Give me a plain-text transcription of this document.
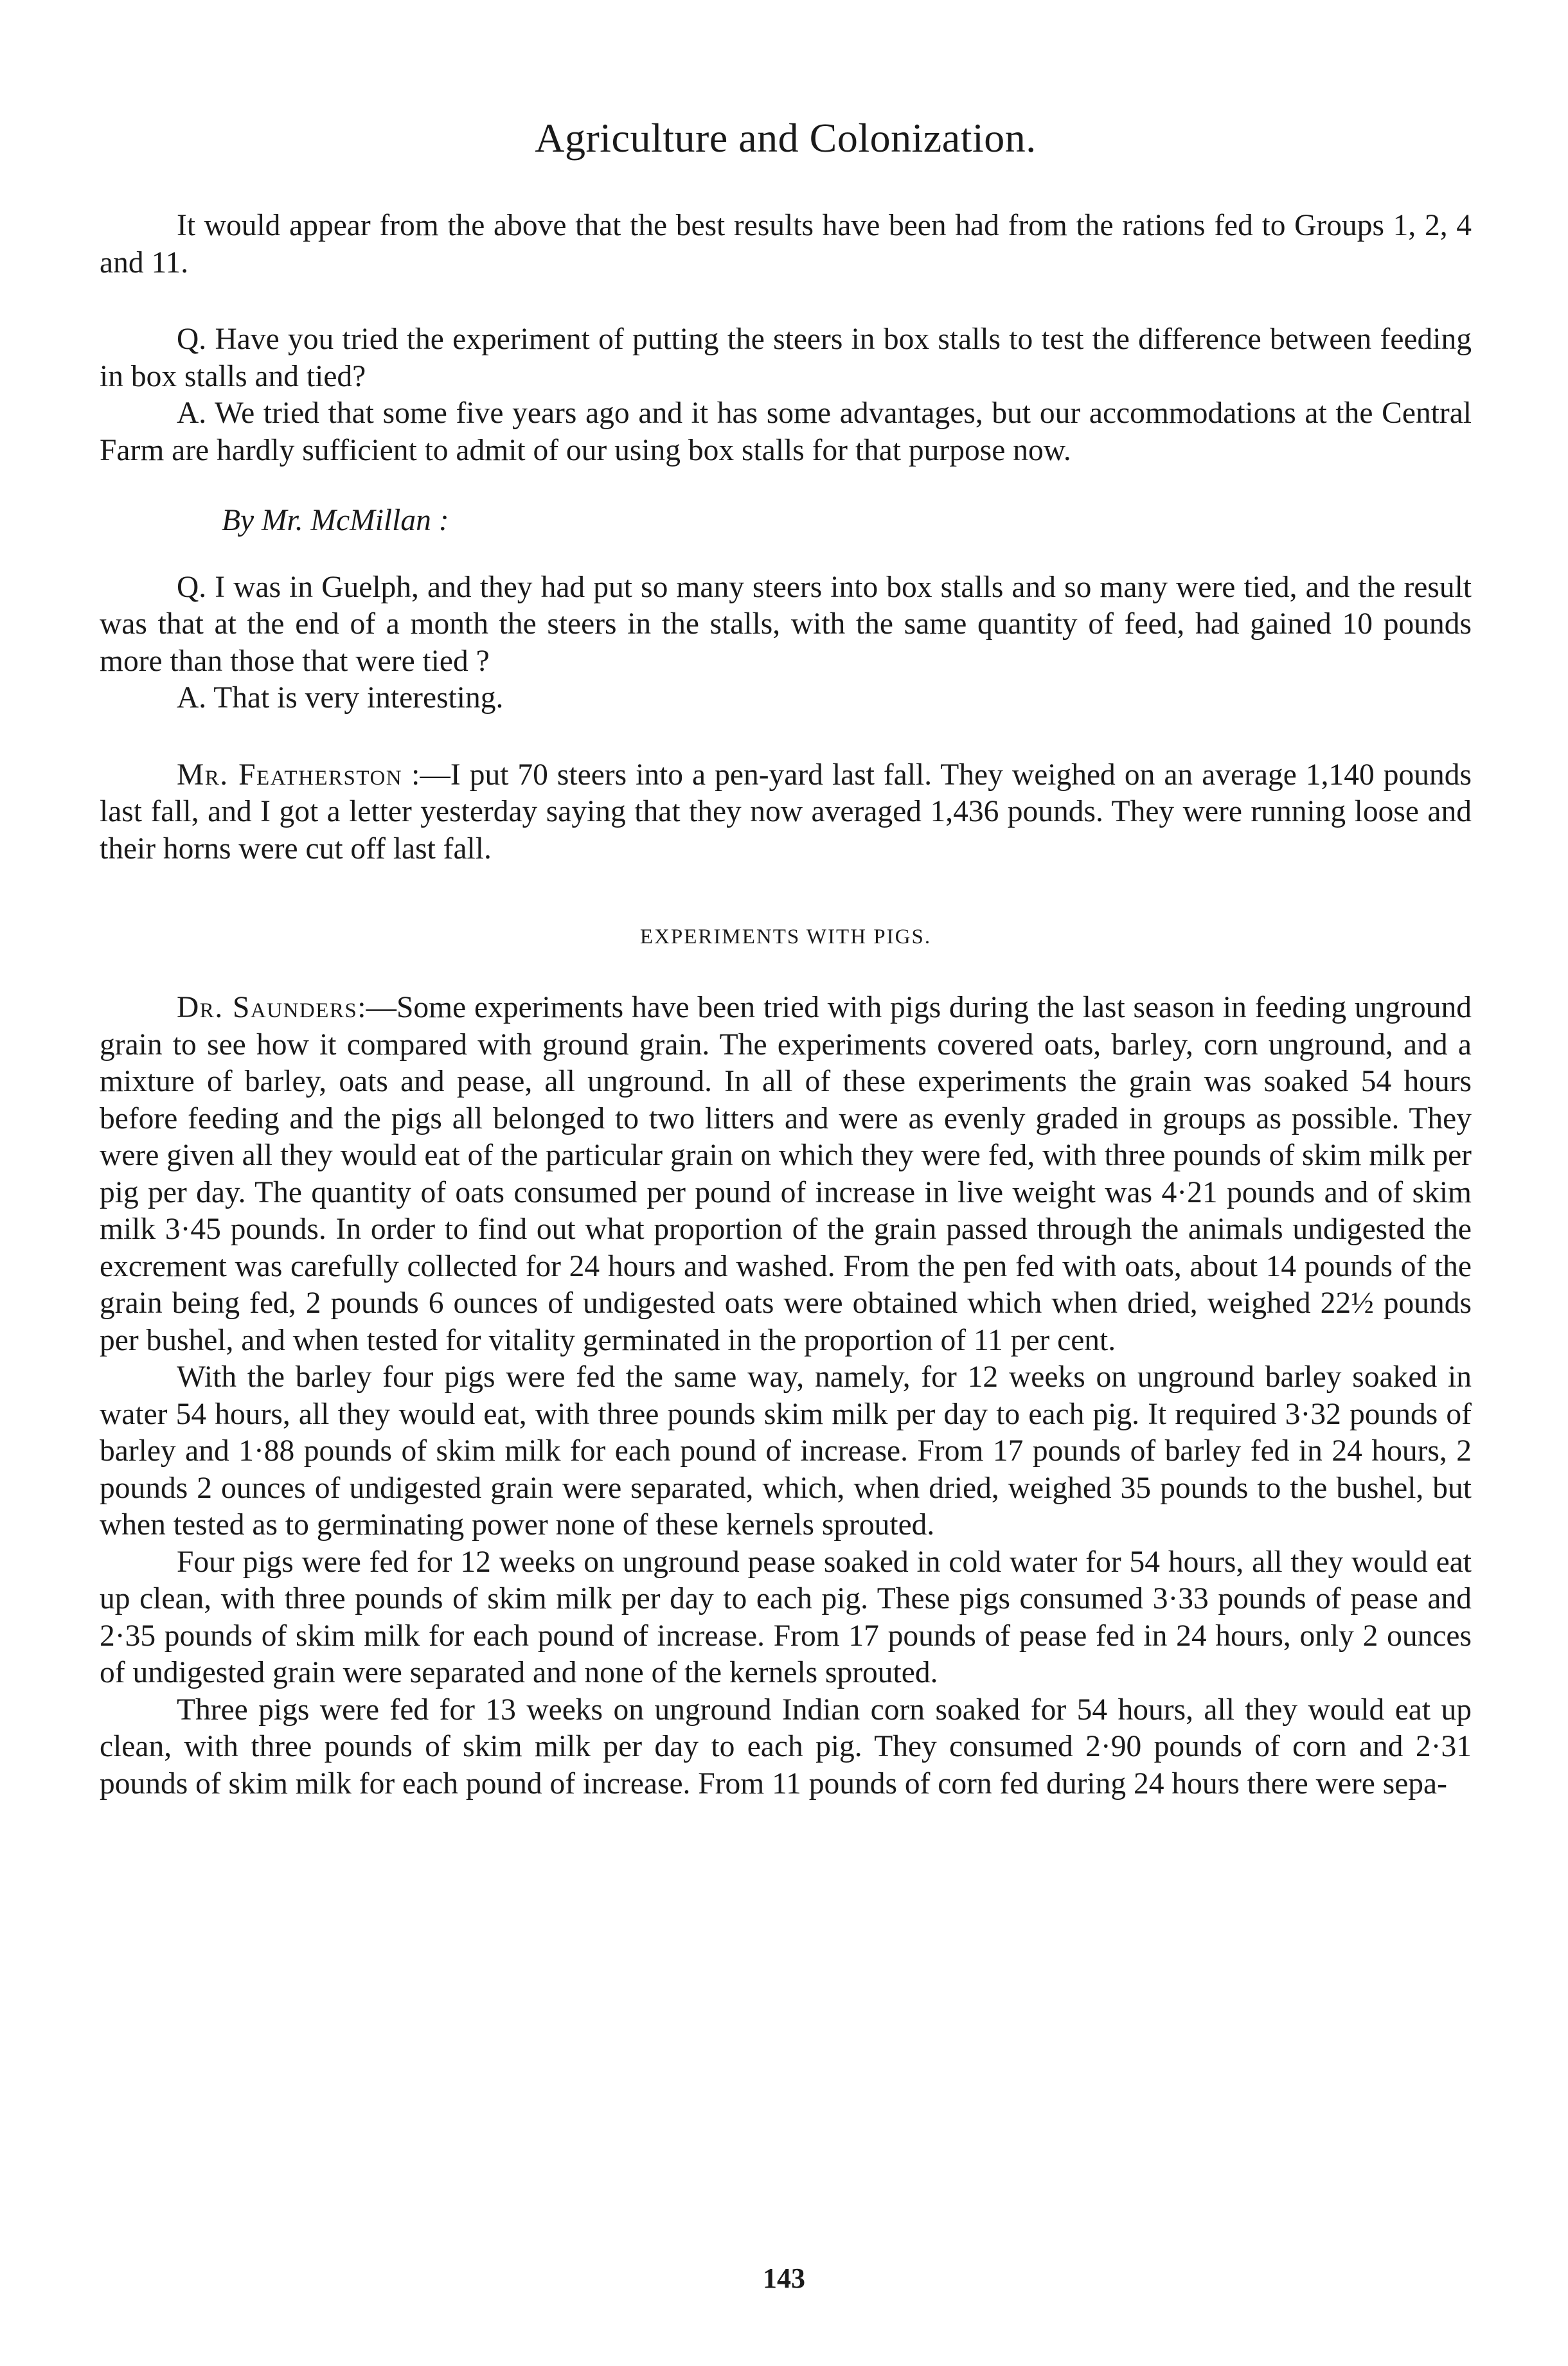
Agriculture and Colonization.

It would appear from the above that the best results have been had from the rations fed to Groups 1, 2, 4 and 11.

Q. Have you tried the experiment of putting the steers in box stalls to test the difference between feeding in box stalls and tied?

A. We tried that some five years ago and it has some advantages, but our accommodations at the Central Farm are hardly sufficient to admit of our using box stalls for that purpose now.

By Mr. McMillan :

Q. I was in Guelph, and they had put so many steers into box stalls and so many were tied, and the result was that at the end of a month the steers in the stalls, with the same quantity of feed, had gained 10 pounds more than those that were tied ?

A. That is very interesting.

Mr. Featherston :—I put 70 steers into a pen-yard last fall. They weighed on an average 1,140 pounds last fall, and I got a letter yesterday saying that they now averaged 1,436 pounds. They were running loose and their horns were cut off last fall.

EXPERIMENTS WITH PIGS.

Dr. Saunders:—Some experiments have been tried with pigs during the last season in feeding unground grain to see how it compared with ground grain. The experiments covered oats, barley, corn unground, and a mixture of barley, oats and pease, all unground. In all of these experiments the grain was soaked 54 hours before feeding and the pigs all belonged to two litters and were as evenly graded in groups as possible. They were given all they would eat of the particular grain on which they were fed, with three pounds of skim milk per pig per day. The quantity of oats consumed per pound of increase in live weight was 4·21 pounds and of skim milk 3·45 pounds. In order to find out what proportion of the grain passed through the animals undigested the excrement was carefully collected for 24 hours and washed. From the pen fed with oats, about 14 pounds of the grain being fed, 2 pounds 6 ounces of undigested oats were obtained which when dried, weighed 22½ pounds per bushel, and when tested for vitality germinated in the proportion of 11 per cent.

With the barley four pigs were fed the same way, namely, for 12 weeks on unground barley soaked in water 54 hours, all they would eat, with three pounds skim milk per day to each pig. It required 3·32 pounds of barley and 1·88 pounds of skim milk for each pound of increase. From 17 pounds of barley fed in 24 hours, 2 pounds 2 ounces of undigested grain were separated, which, when dried, weighed 35 pounds to the bushel, but when tested as to germinating power none of these kernels sprouted.

Four pigs were fed for 12 weeks on unground pease soaked in cold water for 54 hours, all they would eat up clean, with three pounds of skim milk per day to each pig. These pigs consumed 3·33 pounds of pease and 2·35 pounds of skim milk for each pound of increase. From 17 pounds of pease fed in 24 hours, only 2 ounces of undigested grain were separated and none of the kernels sprouted.

Three pigs were fed for 13 weeks on unground Indian corn soaked for 54 hours, all they would eat up clean, with three pounds of skim milk per day to each pig. They consumed 2·90 pounds of corn and 2·31 pounds of skim milk for each pound of increase. From 11 pounds of corn fed during 24 hours there were sepa-

143
